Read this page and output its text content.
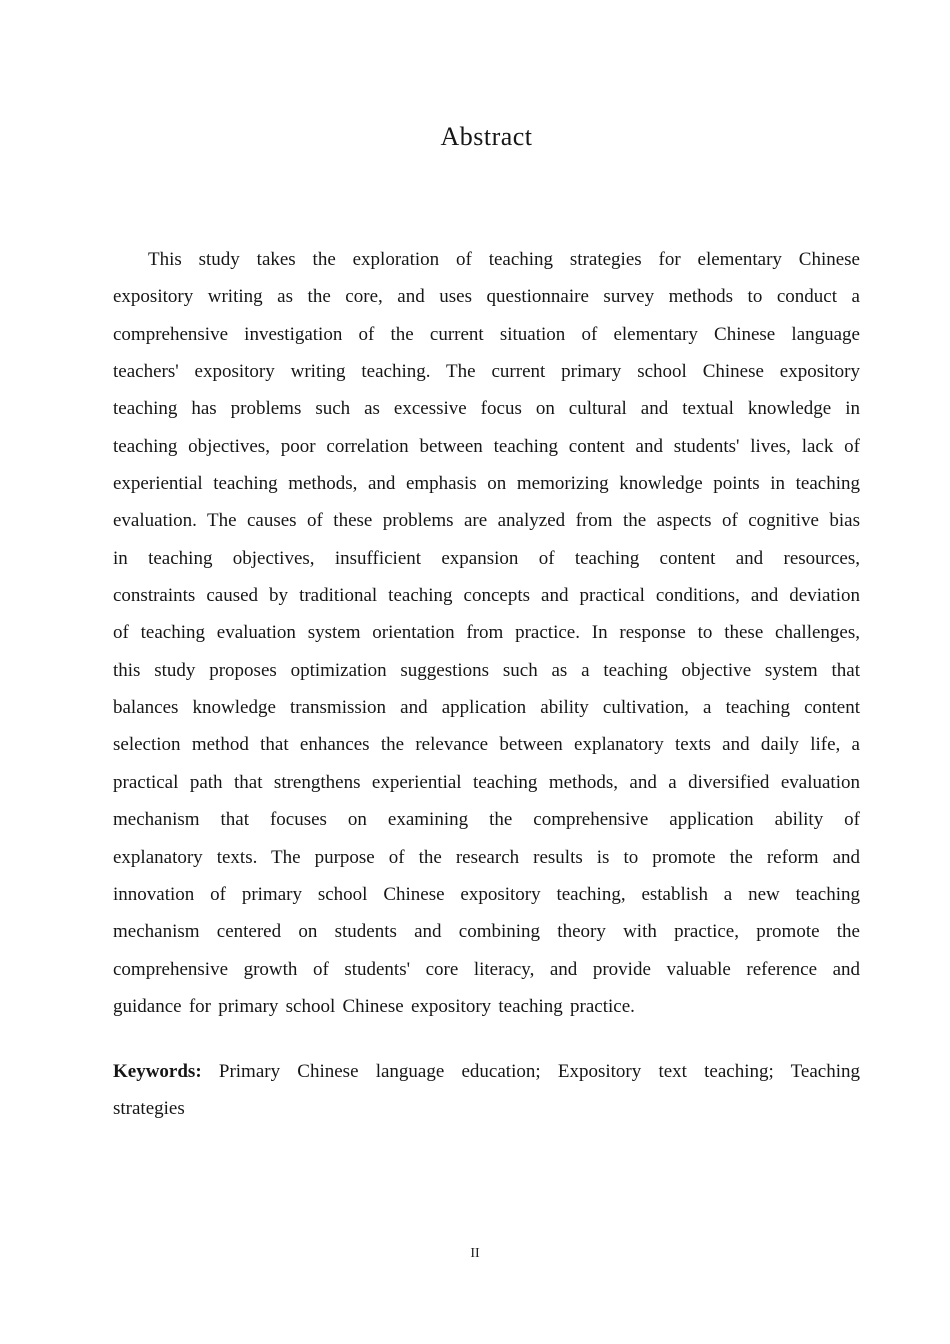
Abstract
This study takes the exploration of teaching strategies for elementary Chinese
expository writing as the core, and uses questionnaire survey methods to conduct a
comprehensive investigation of the current situation of elementary Chinese language
teachers' expository writing teaching. The current primary school Chinese expository
teaching has problems such as excessive focus on cultural and textual knowledge in
teaching objectives, poor correlation between teaching content and students' lives, lack of
experiential teaching methods, and emphasis on memorizing knowledge points in teaching
evaluation. The causes of these problems are analyzed from the aspects of cognitive bias
in teaching objectives, insufficient expansion of teaching content and resources,
constraints caused by traditional teaching concepts and practical conditions, and deviation
of teaching evaluation system orientation from practice. In response to these challenges,
this study proposes optimization suggestions such as a teaching objective system that
balances knowledge transmission and application ability cultivation, a teaching content
selection method that enhances the relevance between explanatory texts and daily life, a
practical path that strengthens experiential teaching methods, and a diversified evaluation
mechanism that focuses on examining the comprehensive application ability of
explanatory texts. The purpose of the research results is to promote the reform and
innovation of primary school Chinese expository teaching, establish a new teaching
mechanism centered on students and combining theory with practice, promote the
comprehensive growth of students' core literacy, and provide valuable reference and
guidance for primary school Chinese expository teaching practice.
Keywords: Primary Chinese language education; Expository text teaching; Teaching
strategies
II
